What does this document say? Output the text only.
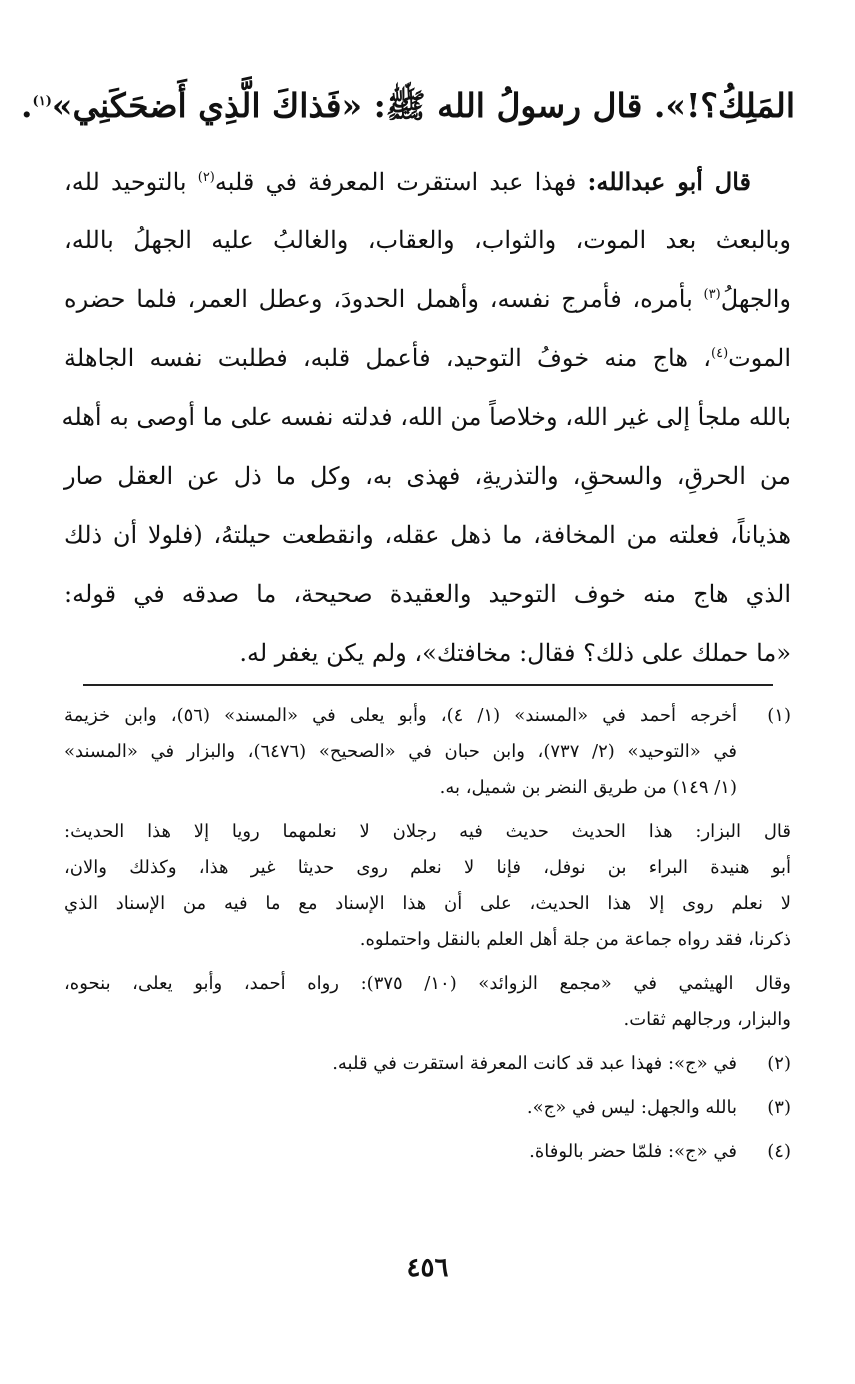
المَلِكُ؟!». قال رسولُ الله ﷺ: «فَذاكَ الَّذِي أَضحَكَنِي»$^{(١)}$.
قال أبو عبدالله: فهذا عبد استقرت المعرفة في قلبه$^{(٢)}$ بالتوحيد لله،
وبالبعث بعد الموت، والثواب، والعقاب، والغالبُ عليه الجهلُ بالله،
والجهلُ$^{(٣)}$ بأمره، فأمرج نفسه، وأهمل الحدودَ، وعطل العمر، فلما حضره
الموت$^{(٤)}$، هاج منه خوفُ التوحيد، فأعمل قلبه، فطلبت نفسه الجاهلة
بالله ملجأ إلى غير الله، وخلاصاً من الله، فدلته نفسه على ما أوصى به أهله
من الحرقِ، والسحقِ، والتذريةِ، فهذى به، وكل ما ذل عن العقل صار
هذياناً، فعلته من المخافة، ما ذهل عقله، وانقطعت حيلتهُ، (فلولا أن ذلك
الذي هاج منه خوف التوحيد والعقيدة صحيحة، ما صدقه في قوله:
«ما حملك على ذلك؟ فقال: مخافتك»، ولم يكن يغفر له.
(١)
أخرجه أحمد في «المسند» (١/ ٤)، وأبو يعلى في «المسند» (٥٦)، وابن خزيمة
في «التوحيد» (٢/ ٧٣٧)، وابن حبان في «الصحيح» (٦٤٧٦)، والبزار في «المسند»
(١/ ١٤٩) من طريق النضر بن شميل، به.
قال البزار: هذا الحديث حديث فيه رجلان لا نعلمهما رويا إلا هذا الحديث:
أبو هنيدة البراء بن نوفل، فإنا لا نعلم روى حديثا غير هذا، وكذلك والان،
لا نعلم روى إلا هذا الحديث، على أن هذا الإسناد مع ما فيه من الإسناد الذي
ذكرنا، فقد رواه جماعة من جلة أهل العلم بالنقل واحتملوه.
وقال الهيثمي في «مجمع الزوائد» (١٠/ ٣٧٥): رواه أحمد، وأبو يعلى، بنحوه،
والبزار، ورجالهم ثقات.
(٢)
في «ج»: فهذا عبد قد كانت المعرفة استقرت في قلبه.
(٣)
بالله والجهل: ليس في «ج».
(٤)
في «ج»: فلمّا حضر بالوفاة.
٤٥٦
